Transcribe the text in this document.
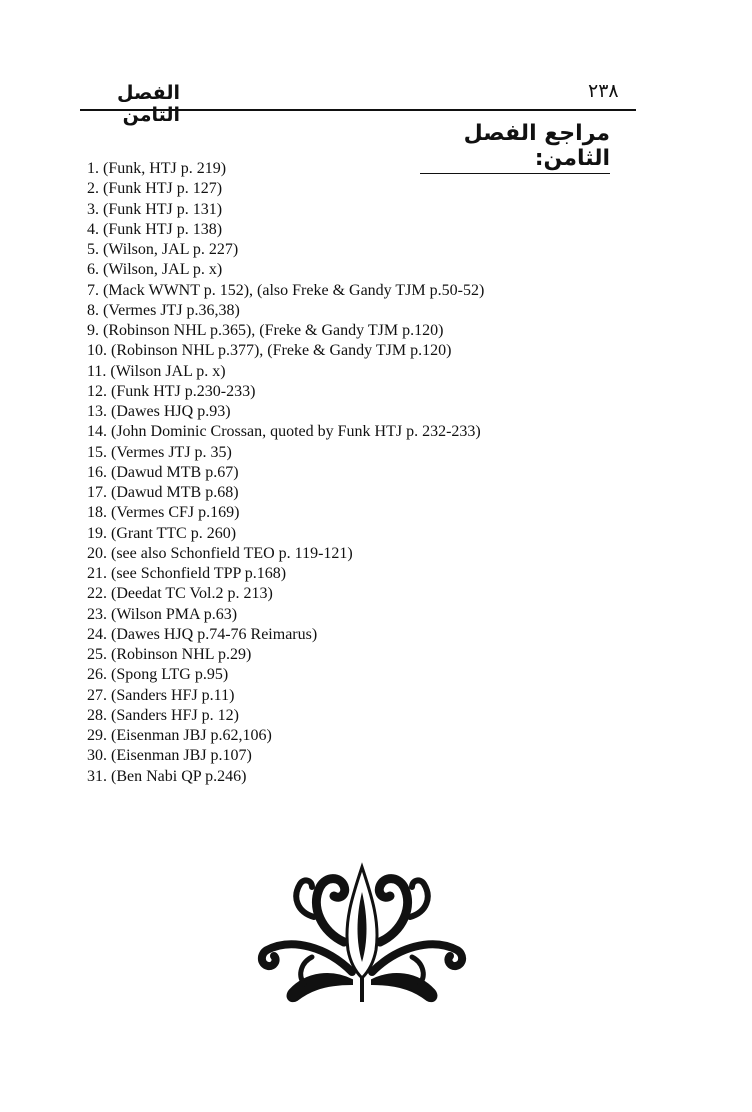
٢٣٨
الفصل الثامن
مراجع الفصل الثامن:
1. (Funk, HTJ p. 219)
2. (Funk HTJ p. 127)
3. (Funk HTJ p. 131)
4. (Funk HTJ p. 138)
5. (Wilson, JAL p. 227)
6. (Wilson, JAL p. x)
7. (Mack WWNT p. 152), (also Freke & Gandy TJM p.50-52)
8. (Vermes JTJ p.36,38)
9. (Robinson NHL p.365), (Freke & Gandy TJM p.120)
10. (Robinson NHL p.377), (Freke & Gandy TJM p.120)
11. (Wilson JAL p. x)
12. (Funk HTJ p.230-233)
13. (Dawes HJQ p.93)
14. (John Dominic Crossan, quoted by Funk HTJ p. 232-233)
15. (Vermes JTJ p. 35)
16. (Dawud MTB p.67)
17. (Dawud MTB p.68)
18. (Vermes CFJ p.169)
19. (Grant TTC p. 260)
20. (see also Schonfield TEO p. 119-121)
21. (see Schonfield TPP p.168)
22. (Deedat TC Vol.2 p. 213)
23. (Wilson PMA p.63)
24. (Dawes HJQ p.74-76 Reimarus)
25. (Robinson NHL p.29)
26. (Spong LTG p.95)
27. (Sanders HFJ p.11)
28. (Sanders HFJ p. 12)
29. (Eisenman JBJ p.62,106)
30. (Eisenman JBJ p.107)
31. (Ben Nabi QP p.246)
